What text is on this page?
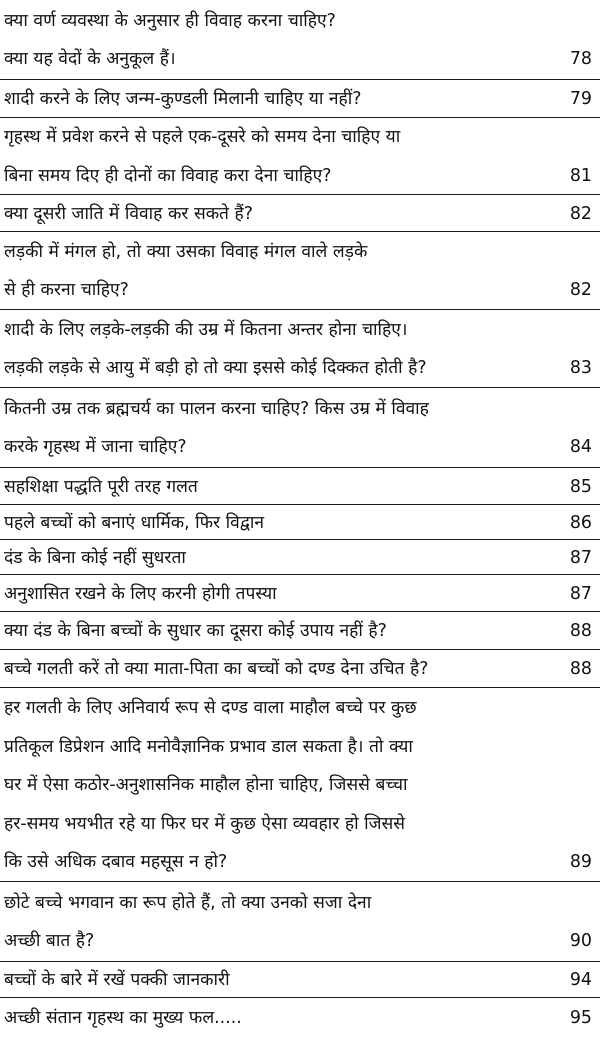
क्या वर्ण व्यवस्था के अनुसार ही विवाह करना चाहिए?
क्या यह वेदों के अनुकूल हैं।	78
शादी करने के लिए जन्म-कुण्डली मिलानी चाहिए या नहीं?	79
गृहस्थ में प्रवेश करने से पहले एक-दूसरे को समय देना चाहिए या
बिना समय दिए ही दोनों का विवाह करा देना चाहिए?	81
क्या दूसरी जाति में विवाह कर सकते हैं?	82
लड़की में मंगल हो, तो क्या उसका विवाह मंगल वाले लड़के
से ही करना चाहिए?	82
शादी के लिए लड़के-लड़की की उम्र में कितना अन्तर होना चाहिए।
लड़की लड़के से आयु में बड़ी हो तो क्या इससे कोई दिक्कत होती है?	83
कितनी उम्र तक ब्रह्मचर्य का पालन करना चाहिए? किस उम्र में विवाह
करके गृहस्थ में जाना चाहिए?	84
सहशिक्षा पद्धति पूरी तरह गलत	85
पहले बच्चों को बनाएं धार्मिक, फिर विद्वान	86
दंड के बिना कोई नहीं सुधरता	87
अनुशासित रखने के लिए करनी होगी तपस्या	87
क्या दंड के बिना बच्चों के सुधार का दूसरा कोई उपाय नहीं है?	88
बच्चे गलती करें तो क्या माता-पिता का बच्चों को दण्ड देना उचित है?	88
हर गलती के लिए अनिवार्य रूप से दण्ड वाला माहौल बच्चे पर कुछ
प्रतिकूल डिप्रेशन आदि मनोवैज्ञानिक प्रभाव डाल सकता है। तो क्या
घर में ऐसा कठोर-अनुशासनिक माहौल होना चाहिए, जिससे बच्चा
हर-समय भयभीत रहे या फिर घर में कुछ ऐसा व्यवहार हो जिससे
कि उसे अधिक दबाव महसूस न हो?	89
छोटे बच्चे भगवान का रूप होते हैं, तो क्या उनको सजा देना
अच्छी बात है?	90
बच्चों के बारे में रखें पक्की जानकारी	94
अच्छी संतान गृहस्थ का मुख्य फल.....	95
